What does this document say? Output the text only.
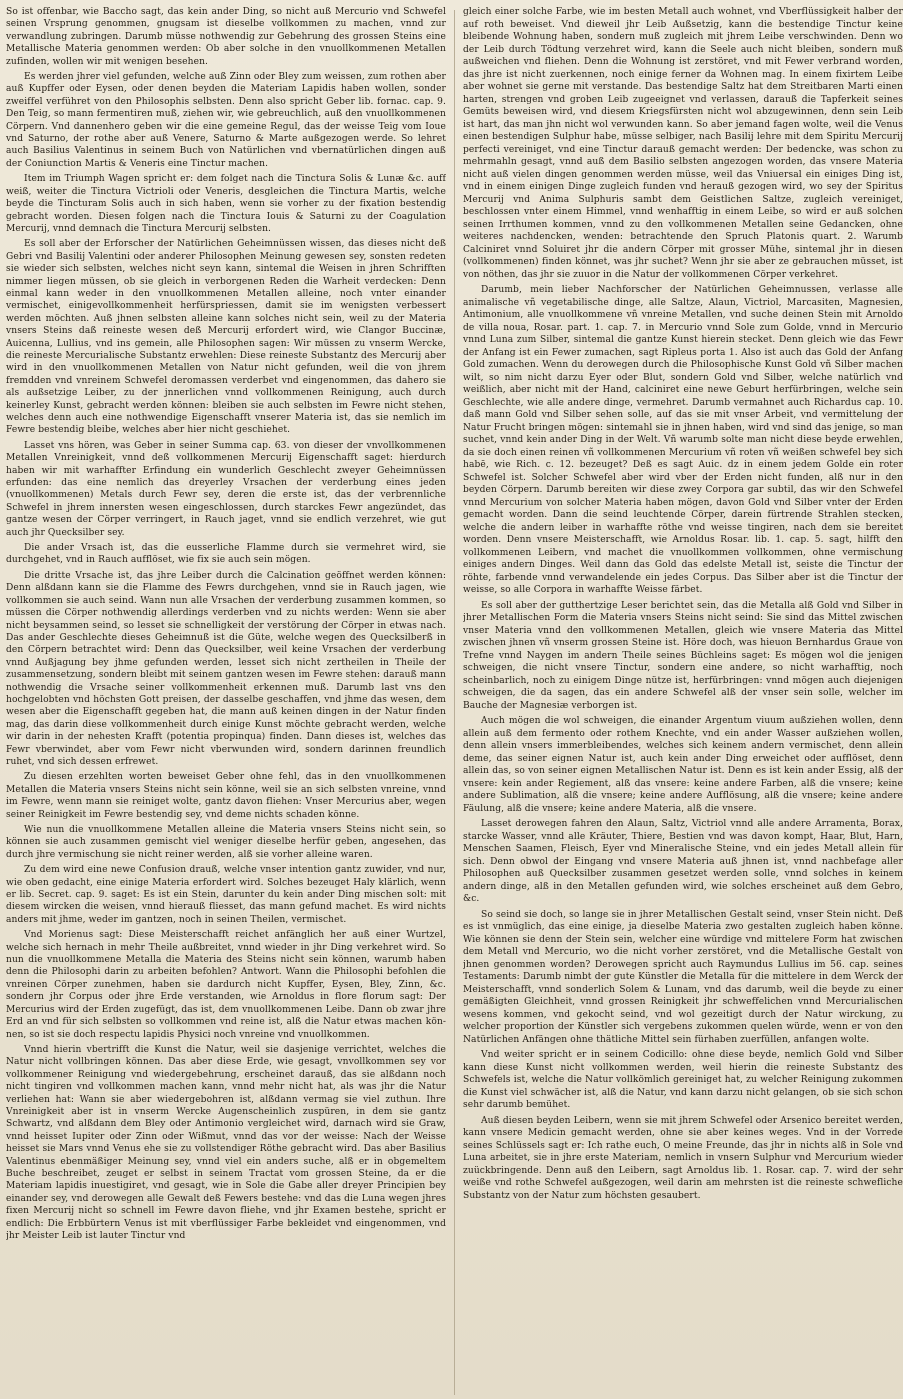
So ist offenbar, wie Baccho sagt, das kein ander Ding, so nicht auß Mercurio vnd Schwefel seinen Vrsprung genommen, gnugsam ist dieselbe vollkommen zu machen, vnnd zur verwandlung zubringen. Darumb müsse nothwendig zur Gebehrung des grossen Steins eine Metallische Materia genommen werden: Ob aber solche in den vnuollkommenen Metallen zufinden, wollen wir mit wenigen besehen.

Es werden jhrer viel gefunden, welche auß Zinn oder Bley zum weissen, zum rothen aber auß Kupffer oder Eysen, oder denen beyden die Materiam Lapidis haben wollen, sonder zweiffel verführet von den Philosophis selbsten. Denn also spricht Geber lib. fornac. cap. 9. Den Teig, so mann fermentiren muß, ziehen wir, wie gebreuchlich, auß den vnuollkommenen Cörpern. Vnd dannenhero geben wir die eine gemeine Regul, das der weisse Teig vom Ioue vnd Saturno, der rothe aber auß Venere, Saturno & Marte außgezogen werde. So lehret auch Basilius Valentinus in seinem Buch von Natürlichen vnd vbernatürlichen dingen auß der Coniunction Martis & Veneris eine Tinctur machen.

Item im Triumph Wagen spricht er: dem folget nach die Tinctura Solis & Lunæ &c. auff weiß, weiter die Tinctura Victrioli oder Veneris, desgleichen die Tinctura Martis, welche beyde die Tincturam Solis auch in sich haben, wenn sie vorher zu der fixation bestendig gebracht worden. Diesen folgen nach die Tinctura Iouis & Saturni zu der Coagulation Mercurij, vnnd demnach die Tinctura Mercurij selbsten.

Es soll aber der Erforscher der Natürlichen Geheimnüssen wissen, das dieses nicht deß Gebri vnd Basilij Valentini oder anderer Philosophen Meinung gewesen sey, sonsten redeten sie wieder sich selbsten, welches nicht seyn kann, sintemal die Weisen in jhren Schrifften nimmer liegen müssen, ob sie gleich in verborgenen Reden die Warheit verdecken: Denn einmal kann weder in den vnuollkommenen Metallen alleine, noch vnter einander vermischet, einigevollkommenheit herfürspriessen, damit sie im wenigsten verbessert werden möchten. Auß jhnen selbsten alleine kann solches nicht sein, weil zu der Materia vnsers Steins daß reineste wesen deß Mercurij erfordert wird, wie Clangor Buccinæ, Auicenna, Lullius, vnd ins gemein, alle Philosophen sagen: Wir müssen zu vnserm Wercke, die reineste Mercurialische Substantz erwehlen: Diese reineste Substantz des Mercurij aber wird in den vnuollkommenen Metallen von Natur nicht gefunden, weil die von jhrem fremdden vnd vnreinem Schwefel deromassen verderbet vnd eingenommen, das dahero sie als außsetzige Leiber, zu der jnnerlichen vnnd vollkommenen Reinigung, auch durch keinerley Kunst, gebracht werden können: bleiben sie auch selbsten im Fewre nicht stehen, welches denn auch eine nothwendige Eigenschafft vnserer Materia ist, das sie nemlich im Fewre bestendig bleibe, welches aber hier nicht geschiehet.

Lasset vns hören, was Geber in seiner Summa cap. 63. von dieser der vnvollkommenen Metallen Vnreinigkeit, vnnd deß vollkommenen Mercurij Eigenschafft saget: hierdurch haben wir mit warhaffter Erfindung ein wunderlich Geschlecht zweyer Geheimnüssen erfunden: das eine nemlich das dreyerley Vrsachen der verderbung eines jeden (vnuollkommenen) Metals durch Fewr sey, deren die erste ist, das der verbrennliche Schwefel in jhrem innersten wesen eingeschlossen, durch starckes Fewr angezündet, das gantze wesen der Cörper verringert, in Rauch jaget, vnnd sie endlich verzehret, wie gut auch jhr Quecksilber sey.

Die ander Vrsach ist, das die eusserliche Flamme durch sie vermehret wird, sie durchgehet, vnd in Rauch aufflöset, wie fix sie auch sein mögen.

Die dritte Vrsache ist, das jhre Leiber durch die Calcination geöffnet werden können: Denn alßdann kann sie die Flamme des Fewrs durchgehen, vnnd sie in Rauch jagen, wie vollkommen sie auch seind. Wann nun alle Vrsachen der verderbung zusammen kommen, so müssen die Cörper nothwendig allerdings verderben vnd zu nichts werden: Wenn sie aber nicht beysammen seind, so lesset sie schnelligkeit der verstörung der Cörper in etwas nach. Das ander Geschlechte dieses Geheimnuß ist die Güte, welche wegen des Quecksilberß in den Cörpern betrachtet wird: Denn das Quecksilber, weil keine Vrsachen der verderbung vnnd Außjagung bey jhme gefunden werden, lesset sich nicht zertheilen in Theile der zusammensetzung, sondern bleibt mit seinem gantzen wesen im Fewre stehen: darauß mann nothwendig die Vrsache seiner vollkommenheit erkennen muß. Darumb last vns den hochgelobten vnd höchsten Gott preisen, der dasselbe geschaffen, vnd jhme das wesen, dem wesen aber die Eigenschafft gegeben hat, die mann auß keinen dingen in der Natur finden mag, das darin diese vollkommenheit durch einige Kunst möchte gebracht werden, welche wir darin in der nehesten Krafft (potentia propinqua) finden. Dann dieses ist, welches das Fewr vberwindet, aber vom Fewr nicht vberwunden wird, sondern darinnen freundlich ruhet, vnd sich dessen erfrewet.

Zu diesen erzehlten worten beweiset Geber ohne fehl, das in den vnuollkommenen Metallen die Materia vnsers Steins nicht sein könne, weil sie an sich selbsten vnreine, vnnd im Fewre, wenn mann sie reiniget wolte, gantz davon fliehen: Vnser Mercurius aber, wegen seiner Reinigkeit im Fewre bestendig sey, vnd deme nichts schaden könne.

Wie nun die vnuollkommene Metallen alleine die Materia vnsers Steins nicht sein, so können sie auch zusammen gemischt viel weniger dieselbe herfür geben, angesehen, das durch jhre vermischung sie nicht reiner werden, alß sie vorher alleine waren.

Zu dem wird eine newe Confusion drauß, welche vnser intention gantz zuwider, vnd nur, wie oben gedacht, eine einige Materia erfordert wird. Solches bezeuget Haly klärlich, wenn er lib. Secret. cap. 9. saget: Es ist ein Stein, darunter du kein ander Ding mischen solt: mit diesem wircken die weisen, vnnd hierauß fliesset, das mann gefund machet. Es wird nichts anders mit jhme, weder im gantzen, noch in seinen Theilen, vermischet.

Vnd Morienus sagt: Diese Meisterschafft reichet anfänglich her auß einer Wurtzel, welche sich hernach in mehr Theile außbreitet, vnnd wieder in jhr Ding verkehret wird. So nun die vnuollkommene Metalla die Materia des Steins nicht sein können, warumb haben denn die Philosophi darin zu arbeiten befohlen? Antwort. Wann die Philosophi befohlen die vnreinen Cörper zunehmen, haben sie dardurch nicht Kupffer, Eysen, Bley, Zinn, &c. sondern jhr Corpus oder jhre Erde verstanden, wie Arnoldus in flore florum sagt: Der Mercurius wird der Erden zugefügt, das ist, dem vnuollkommenen Leibe. Dann ob zwar jhre Erd an vnd für sich selbsten so vollkommen vnd reine ist, alß die Natur etwas machen können, so ist sie doch respectu lapidis Physici noch vnreine vnd vnuollkommen.

Vnnd hierin vbertrifft die Kunst die Natur, weil sie dasjenige verrichtet, welches die Natur nicht vollbringen können. Das aber diese Erde, wie gesagt, vnvollkommen sey vor vollkommener Reinigung vnd wiedergebehrung, erscheinet darauß, das sie alßdann noch nicht tingiren vnd vollkommen machen kann, vnnd mehr nicht hat, als was jhr die Natur verliehen hat: Wann sie aber wiedergebohren ist, alßdann vermag sie viel zuthun. Ihre Vnreinigkeit aber ist in vnserm Wercke Augenscheinlich zuspüren, in dem sie gantz Schwartz, vnd alßdann dem Bley oder Antimonio vergleichet wird, darnach wird sie Graw, vnnd heisset Iupiter oder Zinn oder Wißmut, vnnd das vor der weisse: Nach der Weisse heisset sie Mars vnnd Venus ehe sie zu vollstendiger Röthe gebracht wird. Das aber Basilius Valentinus ebenmäßiger Meinung sey, vnnd viel ein anders suche, alß er in obgemeltem Buche beschreibet, zeuget er selbst in seinem Tractat vom grossen Steine, da er die Materiam lapidis inuestigiret, vnd gesagt, wie in Sole die Gabe aller dreyer Principien bey einander sey, vnd derowegen alle Gewalt deß Fewers bestehe: vnd das die Luna wegen jhres fixen Mercurij nicht so schnell im Fewre davon fliehe, vnd jhr Examen bestehe, spricht er endlich: Die Erbbürtern Venus ist mit vberflüssiger Farbe bekleidet vnd eingenommen, vnd jhr Meister Leib ist lauter Tinctur vnd

gleich einer solche Farbe, wie im besten Metall auch wohnet, vnd Vberflüssigkeit halber der auf roth beweiset. Vnd dieweil jhr Leib Außsetzig, kann die bestendige Tinctur keine bleibende Wohnung haben, sondern muß zugleich mit jhrem Leibe verschwinden. Denn wo der Leib durch Tödtung verzehret wird, kann die Seele auch nicht bleiben, sondern muß außweichen vnd fliehen. Denn die Wohnung ist zerstöret, vnd mit Fewer verbrand worden, das jhre ist nicht zuerkennen, noch einige ferner da Wohnen mag. In einem fixirtem Leibe aber wohnet sie gerne mit verstande. Das bestendige Saltz hat dem Streitbaren Marti einen harten, strengen vnd groben Leib zugeeignet vnd verlassen, darauß die Tapferkeit seines Gemüts beweisen wird, vnd diesem Kriegsfürsten nicht wol abzugewinnen, denn sein Leib ist hart, das man jhn nicht wol verwunden kann. So aber jemand fagen wolte, weil die Venus einen bestendigen Sulphur habe, müsse selbiger, nach Basilij lehre mit dem Spiritu Mercurij perfecti vereiniget, vnd eine Tinctur darauß gemacht werden: Der bedencke, was schon zu mehrmahln gesagt, vnnd auß dem Basilio selbsten angezogen worden, das vnsere Materia nicht auß vielen dingen genommen werden müsse, weil das Vniuersal ein einiges Ding ist, vnd in einem einigen Dinge zugleich funden vnd herauß gezogen wird, wo sey der Spiritus Mercurij vnd Anima Sulphuris sambt dem Geistlichen Saltze, zugleich vereiniget, beschlossen vnter einem Himmel, vnnd wenhafftig in einem Leibe, so wird er auß solchen seinen Irrthumen kommen, vnnd zu den vollkommenen Metallen seine Gedancken, ohne weiteres nachdencken, wenden: betrachtende den Spruch Platonis quart. 2. Warumb Calciniret vnnd Soluiret jhr die andern Cörper mit grosser Mühe, sintemal jhr in diesen (vollkommenen) finden könnet, was jhr suchet? Wenn jhr sie aber ze gebrauchen müsset, ist von nöthen, das jhr sie zuuor in die Natur der vollkommenen Cörper verkehret.

Darumb, mein lieber Nachforscher der Natürlichen Geheimnussen, verlasse alle animalische vñ vegetabilische dinge, alle Saltze, Alaun, Victriol, Marcasiten, Magnesien, Antimonium, alle vnuollkommene vñ vnreine Metallen, vnd suche deinen Stein mit Arnoldo de villa noua, Rosar. part. 1. cap. 7. in Mercurio vnnd Sole zum Golde, vnnd in Mercurio vnnd Luna zum Silber, sintemal die gantze Kunst hierein stecket. Denn gleich wie das Fewr der Anfang ist ein Fewer zumachen, sagt Ripleus porta 1. Also ist auch das Gold der Anfang Gold zumachen. Wenn du derowegen durch die Philosophische Kunst Gold vñ Silber machen wilt, so nim nicht darzu Eyer oder Blut, sondern Gold vnd Silber, welche natürlich vnd weißlich, aber nicht mit der Hand, calciniret eine newe Geburt herfürbringen, welche sein Geschlechte, wie alle andere dinge, vermehret. Darumb vermahnet auch Richardus cap. 10. daß mann Gold vnd Silber sehen solle, auf das sie mit vnser Arbeit, vnd vermittelung der Natur Frucht bringen mögen: sintemahl sie in jhnen haben, wird vnd sind das jenige, so man suchet, vnnd kein ander Ding in der Welt. Vñ warumb solte man nicht diese beyde erwehlen, da sie doch einen reinen vñ vollkommenen Mercurium vñ roten vñ weißen schwefel bey sich habē, wie Rich. c. 12. bezeuget? Deß es sagt Auic. dz in einem jedem Golde ein roter Schwefel ist. Solcher Schwefel aber wird vber der Erden nicht funden, alß nur in den beyden Cörpern. Darumb bereiten wir diese zwey Corpora gar subtil, das wir den Schwefel vnnd Mercurium von solcher Materia haben mögen, davon Gold vnd Silber vnter der Erden gemacht worden. Dann die seind leuchtende Cörper, darein fürtrende Strahlen stecken, welche die andern leiber in warhaffte röthe vnd weisse tingiren, nach dem sie bereitet worden. Denn vnsere Meisterschafft, wie Arnoldus Rosar. lib. 1. cap. 5. sagt, hilfft den vollkommenen Leibern, vnd machet die vnuollkommen vollkommen, ohne vermischung einiges andern Dinges. Weil dann das Gold das edelste Metall ist, seiste die Tinctur der röhte, farbende vnnd verwandelende ein jedes Corpus. Das Silber aber ist die Tinctur der weisse, so alle Corpora in warhaffte Weisse färbet.

Es soll aber der gutthertzige Leser berichtet sein, das die Metalla alß Gold vnd Silber in jhrer Metallischen Form die Materia vnsers Steins nicht seind: Sie sind das Mittel zwischen vnser Materia vnnd den vollkommenen Metallen, gleich wie vnsere Materia das Mittel zwischen jhnen vñ vnserm grossen Steine ist. Höre doch, was hieuon Bernhardus Graue von Trefne vnnd Naygen im andern Theile seines Büchleins saget: Es mögen wol die jenigen schweigen, die nicht vnsere Tinctur, sondern eine andere, so nicht warhafftig, noch scheinbarlich, noch zu einigem Dinge nütze ist, herfürbringen: vnnd mögen auch diejenigen schweigen, die da sagen, das ein andere Schwefel alß der vnser sein solle, welcher im Bauche der Magnesiæ verborgen ist.

Auch mögen die wol schweigen, die einander Argentum viuum außziehen wollen, denn allein auß dem fermento oder rothem Knechte, vnd ein ander Wasser außziehen wollen, denn allein vnsers immerbleibendes, welches sich keinem andern vermischet, denn allein deme, das seiner eignen Natur ist, auch kein ander Ding erweichet oder aufflöset, denn allein das, so von seiner eignen Metallischen Natur ist. Denn es ist kein ander Essig, alß der vnsere: kein ander Regiement, alß das vnsere: keine andere Farben, alß die vnsere; keine andere Sublimation, alß die vnsere; keine andere Aufflösung, alß die vnsere; keine andere Fäulung, alß die vnsere; keine andere Materia, alß die vnsere.

Lasset derowegen fahren den Alaun, Saltz, Victriol vnnd alle andere Arramenta, Borax, starcke Wasser, vnnd alle Kräuter, Thiere, Bestien vnd was davon kompt, Haar, Blut, Harn, Menschen Saamen, Fleisch, Eyer vnd Mineralische Steine, vnd ein jedes Metall allein für sich. Denn obwol der Eingang vnd vnsere Materia auß jhnen ist, vnnd nachbefage aller Philosophen auß Quecksilber zusammen gesetzet werden solle, vnnd solches in keinem andern dinge, alß in den Metallen gefunden wird, wie solches erscheinet auß dem Gebro, &c.

So seind sie doch, so lange sie in jhrer Metallischen Gestalt seind, vnser Stein nicht. Deß es ist vnmüglich, das eine einige, ja dieselbe Materia zwo gestalten zugleich haben könne. Wie können sie denn der Stein sein, welcher eine würdige vnd mittelere Form hat zwischen dem Metall vnd Mercurio, wo die nicht vorher zerstöret, vnd die Metallische Gestalt von jhnen genommen worden? Derowegen spricht auch Raymundus Lullius im 56. cap. seines Testaments: Darumb nimbt der gute Künstler die Metalla für die mittelere in dem Werck der Meisterschafft, vnnd sonderlich Solem & Lunam, vnd das darumb, weil die beyde zu einer gemäßigten Gleichheit, vnnd grossen Reinigkeit jhr schweffelichen vnnd Mercurialischen wesens kommen, vnd gekocht seind, vnd wol gezeitigt durch der Natur wirckung, zu welcher proportion der Künstler sich vergebens zukommen quelen würde, wenn er von den Natürlichen Anfängen ohne thätliche Mittel sein fürhaben zuerfüllen, anfangen wolte.

Vnd weiter spricht er in seinem Codicillo: ohne diese beyde, nemlich Gold vnd Silber kann diese Kunst nicht vollkommen werden, weil hierin die reineste Substantz des Schwefels ist, welche die Natur vollkömlich gereiniget hat, zu welcher Reinigung zukommen die Kunst viel schwächer ist, alß die Natur, vnd kann darzu nicht gelangen, ob sie sich schon sehr darumb bemühet.

Auß diesen beyden Leibern, wenn sie mit jhrem Schwefel oder Arsenico bereitet werden, kann vnsere Medicin gemacht werden, ohne sie aber keines weges. Vnd in der Vorrede seines Schlüssels sagt er: Ich rathe euch, O meine Freunde, das jhr in nichts alß in Sole vnd Luna arbeitet, sie in jhre erste Materiam, nemlich in vnsern Sulphur vnd Mercurium wieder zuückbringende. Denn auß den Leibern, sagt Arnoldus lib. 1. Rosar. cap. 7. wird der sehr weiße vnd rothe Schwefel außgezogen, weil darin am mehrsten ist die reineste schwefliche Substantz von der Natur zum höchsten gesaubert.
